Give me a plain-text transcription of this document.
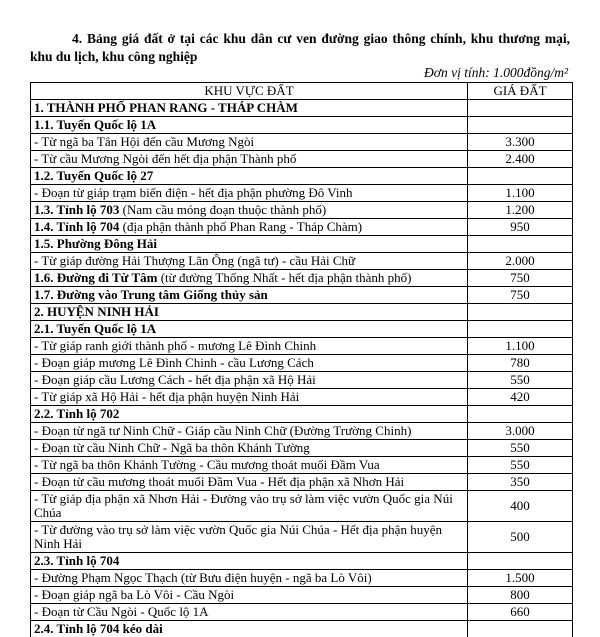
4. Bảng giá đất ở tại các khu dân cư ven đường giao thông chính, khu thương mại, khu du lịch, khu công nghiệp
Đơn vị tính: 1.000đồng/m²
KHU VỰC ĐẤT	GIÁ ĐẤT
1. THÀNH PHỐ PHAN RANG - THÁP CHÀM	
1.1. Tuyến Quốc lộ 1A	
- Từ ngã ba Tân Hội đến cầu Mương Ngòi	3.300
- Từ cầu Mương Ngòi đến hết địa phận Thành phố	2.400
1.2. Tuyến Quốc lộ 27	
- Đoạn từ giáp trạm biến điện - hết địa phận phường Đô Vinh	1.100
1.3. Tỉnh lộ 703 (Nam cầu móng đoạn thuộc thành phố)	1.200
1.4. Tỉnh lộ 704 (địa phận thành phố Phan Rang - Tháp Chàm)	950
1.5. Phường Đông Hải	
- Từ giáp đường Hải Thượng Lãn Ông (ngã tư) - cầu Hải Chữ	2.000
1.6. Đường đi Từ Tâm (từ đường Thống Nhất - hết địa phận thành phố)	750
1.7. Đường vào Trung tâm Giống thủy sản	750
2. HUYỆN NINH HẢI	
2.1. Tuyến Quốc lộ 1A	
- Từ giáp ranh giới thành phố - mương Lê Đình Chinh	1.100
- Đoạn giáp mương Lê Đình Chinh - cầu Lương Cách	780
- Đoạn giáp cầu Lương Cách - hết địa phận xã Hộ Hải	550
- Từ giáp xã Hộ Hải - hết địa phận huyện Ninh Hải	420
2.2. Tỉnh lộ 702	
- Đoạn từ ngã tư Ninh Chữ - Giáp cầu Ninh Chữ (Đường Trường Chinh)	3.000
- Đoạn từ cầu Ninh Chữ - Ngã ba thôn Khánh Tường	550
- Từ ngã ba thôn Khánh Tường - Cầu mương thoát muối Đầm Vua	550
- Đoạn từ cầu mương thoát muối Đầm Vua - Hết địa phận xã Nhơn Hải	350
- Từ giáp địa phận xã Nhơn Hải - Đường vào trụ sở làm việc vườn Quốc gia Núi Chúa	400
- Từ đường vào trụ sở làm việc vườn Quốc gia Núi Chúa - Hết địa phận huyện Ninh Hải	500
2.3. Tỉnh lộ 704	
- Đường Phạm Ngọc Thạch (từ Bưu điện huyện - ngã ba Lò Vôi)	1.500
- Đoạn giáp ngã ba Lò Vôi - Cầu Ngòi	800
- Đoạn từ Cầu Ngòi - Quốc lộ 1A	660
2.4. Tỉnh lộ 704 kéo dài	
